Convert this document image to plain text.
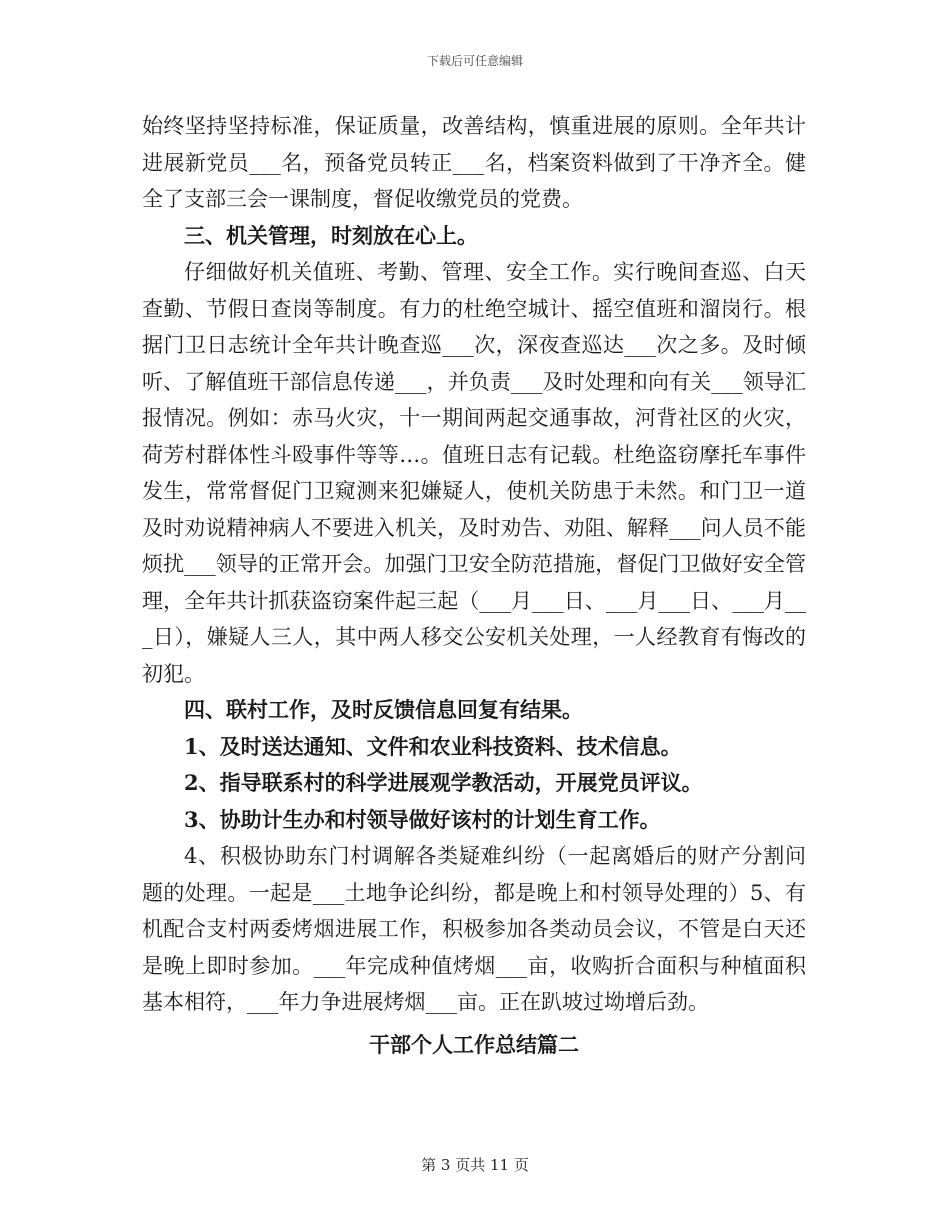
下载后可任意编辑

始终坚持坚持标准，保证质量，改善结构，慎重进展的原则。全年共计进展新党员___名，预备党员转正___名，档案资料做到了干净齐全。健全了支部三会一课制度，督促收缴党员的党费。

三、机关管理，时刻放在心上。

仔细做好机关值班、考勤、管理、安全工作。实行晚间查巡、白天查勤、节假日查岗等制度。有力的杜绝空城计、摇空值班和溜岗行。根据门卫日志统计全年共计晚查巡___次，深夜查巡达___次之多。及时倾听、了解值班干部信息传递___，并负责___及时处理和向有关___领导汇报情况。例如：赤马火灾，十一期间两起交通事故，河背社区的火灾，荷芳村群体性斗殴事件等等…。值班日志有记载。杜绝盗窃摩托车事件发生，常常督促门卫窥测来犯嫌疑人，使机关防患于未然。和门卫一道及时劝说精神病人不要进入机关，及时劝告、劝阻、解释___问人员不能烦扰___领导的正常开会。加强门卫安全防范措施，督促门卫做好安全管理，全年共计抓获盗窃案件起三起（___月___日、___月___日、___月___日），嫌疑人三人，其中两人移交公安机关处理，一人经教育有悔改的初犯。

四、联村工作，及时反馈信息回复有结果。

1、及时送达通知、文件和农业科技资料、技术信息。

2、指导联系村的科学进展观学教活动，开展党员评议。

3、协助计生办和村领导做好该村的计划生育工作。

4、积极协助东门村调解各类疑难纠纷（一起离婚后的财产分割问题的处理。一起是___土地争论纠纷，都是晚上和村领导处理的）5、有机配合支村两委烤烟进展工作，积极参加各类动员会议，不管是白天还是晚上即时参加。___年完成种值烤烟___亩，收购折合面积与种植面积基本相符，___年力争进展烤烟___亩。正在趴坡过坳增后劲。

干部个人工作总结篇二

第 3 页共 11 页
